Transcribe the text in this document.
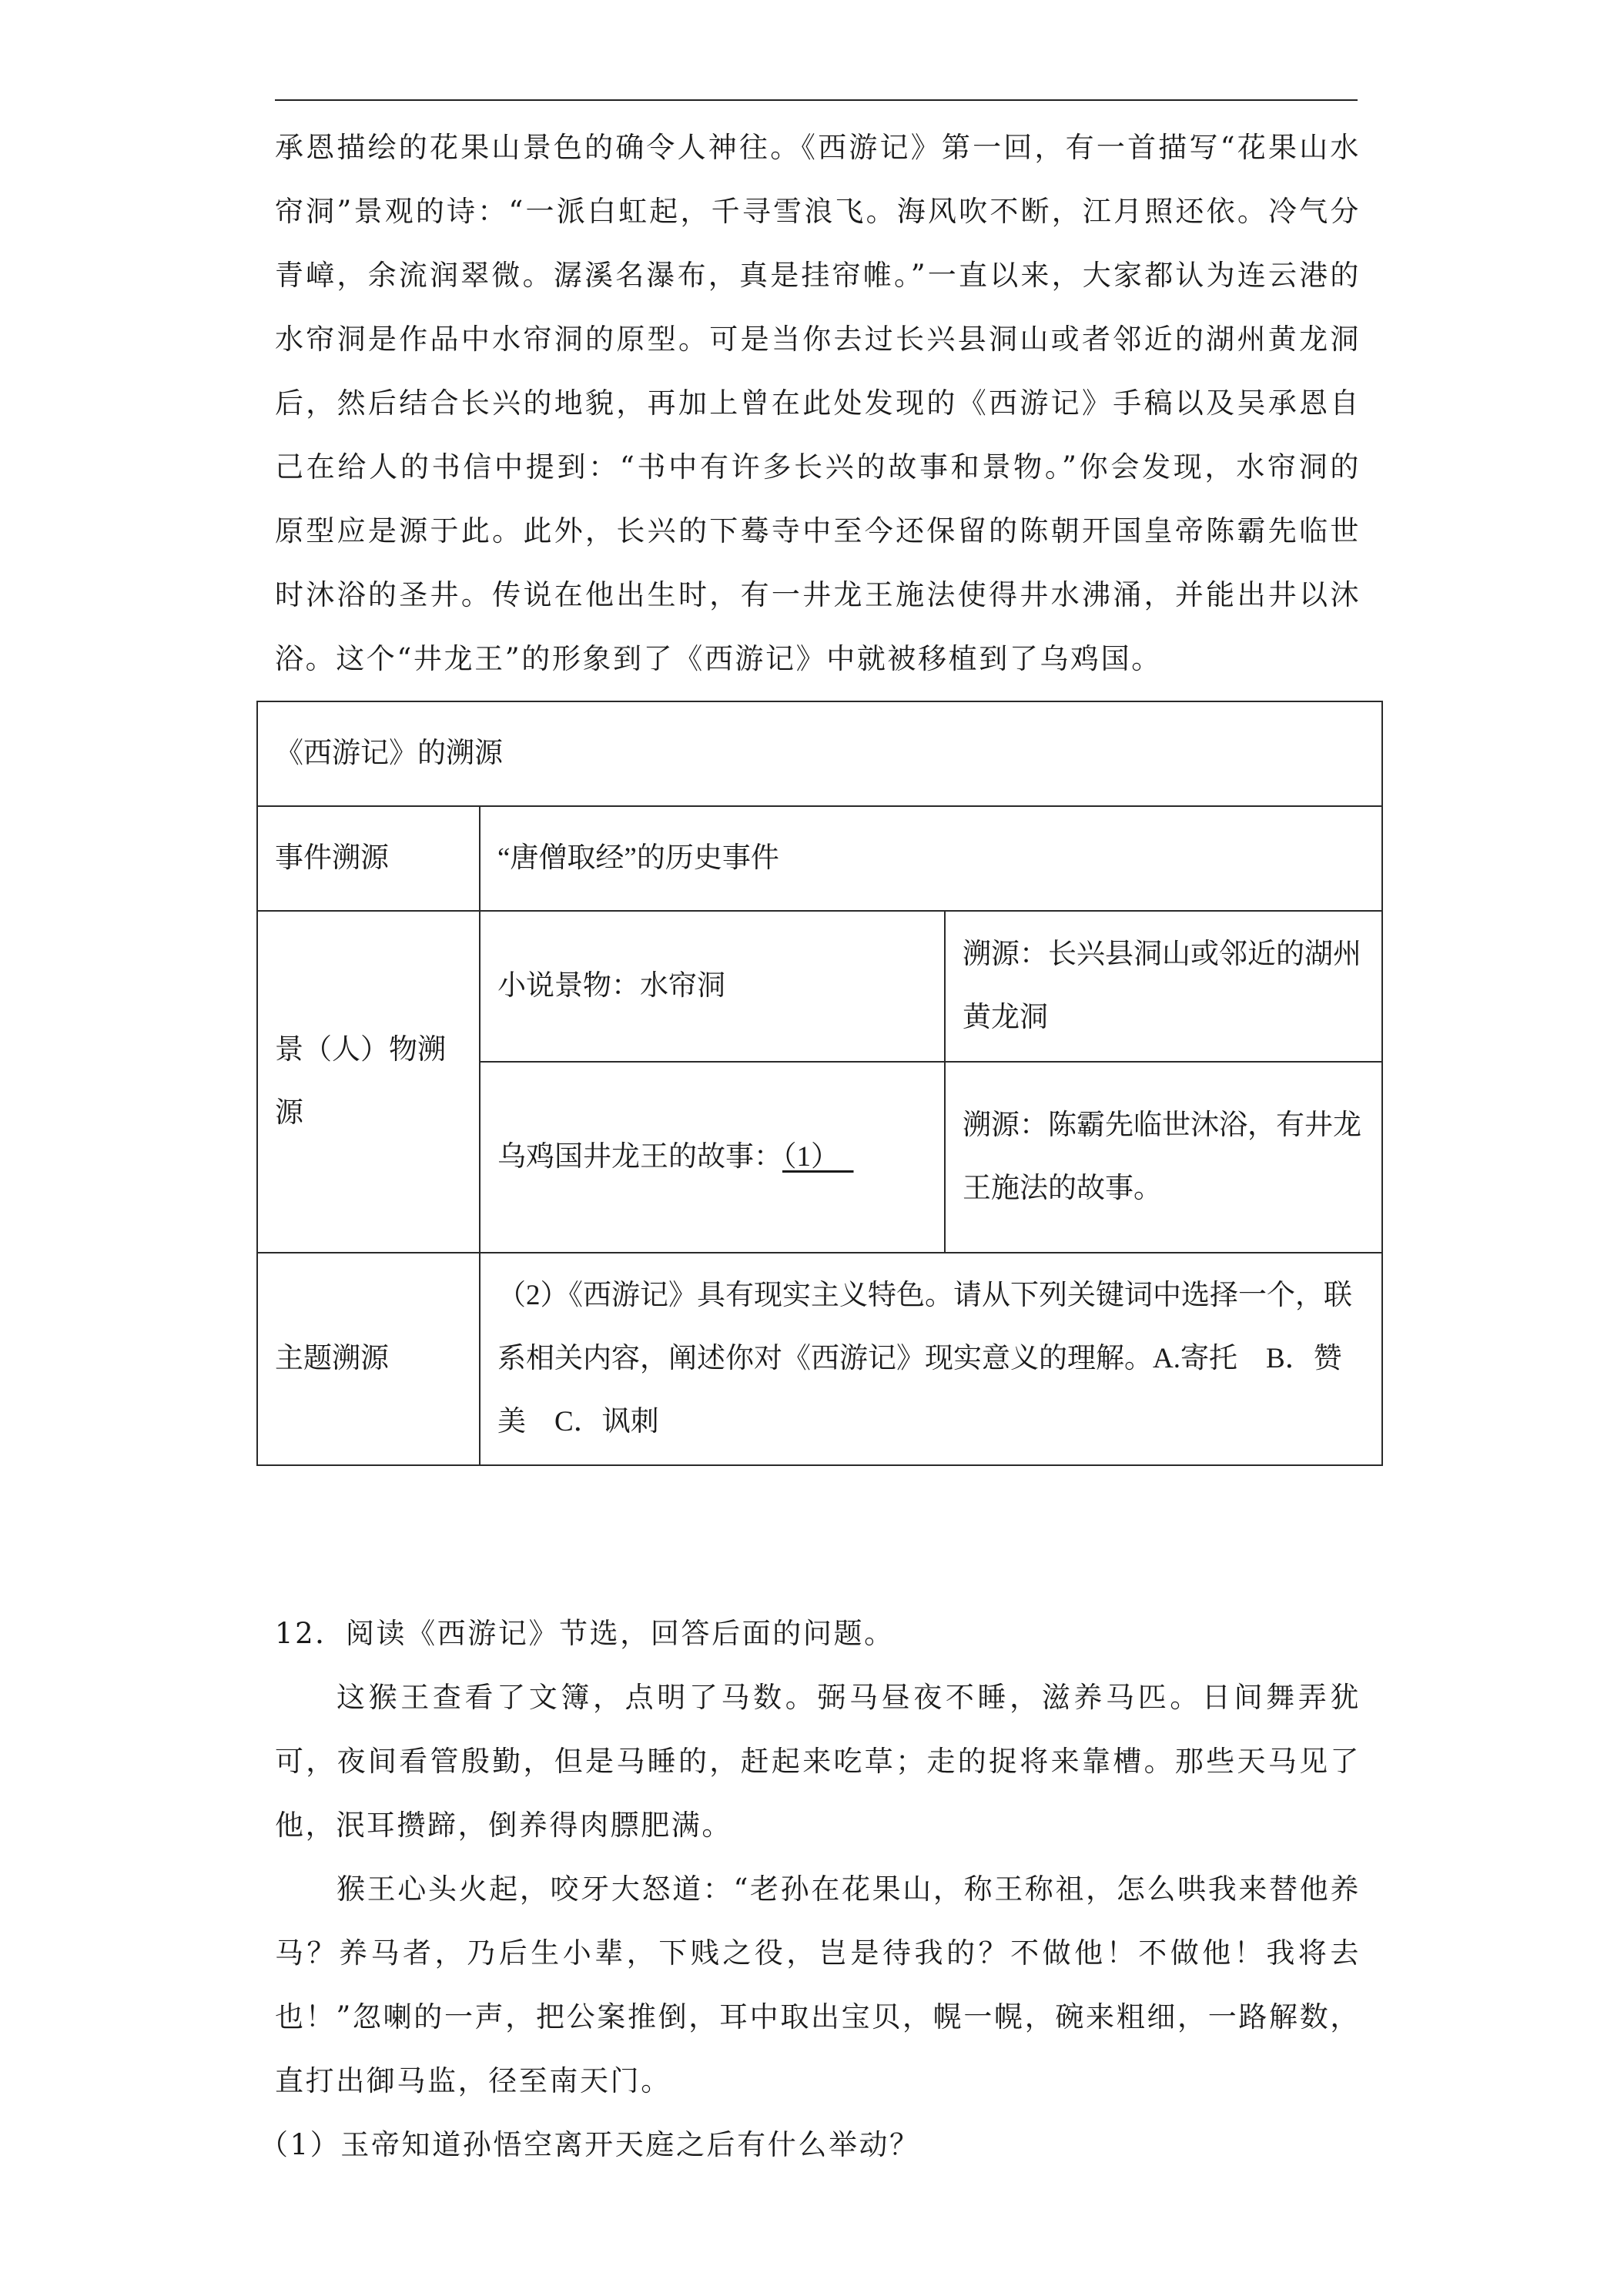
承恩描绘的花果山景色的确令人神往。《西游记》第一回，有一首描写“花果山水帘洞”景观的诗：“一派白虹起，千寻雪浪飞。海风吹不断，江月照还依。冷气分青嶂，余流润翠微。潺溪名瀑布，真是挂帘帷。”一直以来，大家都认为连云港的水帘洞是作品中水帘洞的原型。可是当你去过长兴县洞山或者邻近的湖州黄龙洞后，然后结合长兴的地貌，再加上曾在此处发现的《西游记》手稿以及吴承恩自己在给人的书信中提到：“书中有许多长兴的故事和景物。”你会发现，水帘洞的原型应是源于此。此外，长兴的下蓦寺中至今还保留的陈朝开国皇帝陈霸先临世时沐浴的圣井。传说在他出生时，有一井龙王施法使得井水沸涌，并能出井以沐浴。这个“井龙王”的形象到了《西游记》中就被移植到了乌鸡国。

《西游记》的溯源		
事件溯源	“唐僧取经”的历史事件	
景（人）物溯源	小说景物：水帘洞	溯源：长兴县洞山或邻近的湖州黄龙洞
	乌鸡国井龙王的故事：（1）	溯源：陈霸先临世沐浴，有井龙王施法的故事。
主题溯源	（2）《西游记》具有现实主义特色。请从下列关键词中选择一个，联系相关内容，阐述你对《西游记》现实意义的理解。A.寄托　B．赞美　C．讽刺	

12．阅读《西游记》节选，回答后面的问题。

这猴王查看了文簿，点明了马数。弼马昼夜不睡，滋养马匹。日间舞弄犹可，夜间看管殷勤，但是马睡的，赶起来吃草；走的捉将来靠槽。那些天马见了他，泯耳攒蹄，倒养得肉膘肥满。

猴王心头火起，咬牙大怒道：“老孙在花果山，称王称祖，怎么哄我来替他养马？养马者，乃后生小辈，下贱之役，岂是待我的？不做他！不做他！我将去也！”忽喇的一声，把公案推倒，耳中取出宝贝，幌一幌，碗来粗细，一路解数，直打出御马监，径至南天门。

（1）玉帝知道孙悟空离开天庭之后有什么举动？
